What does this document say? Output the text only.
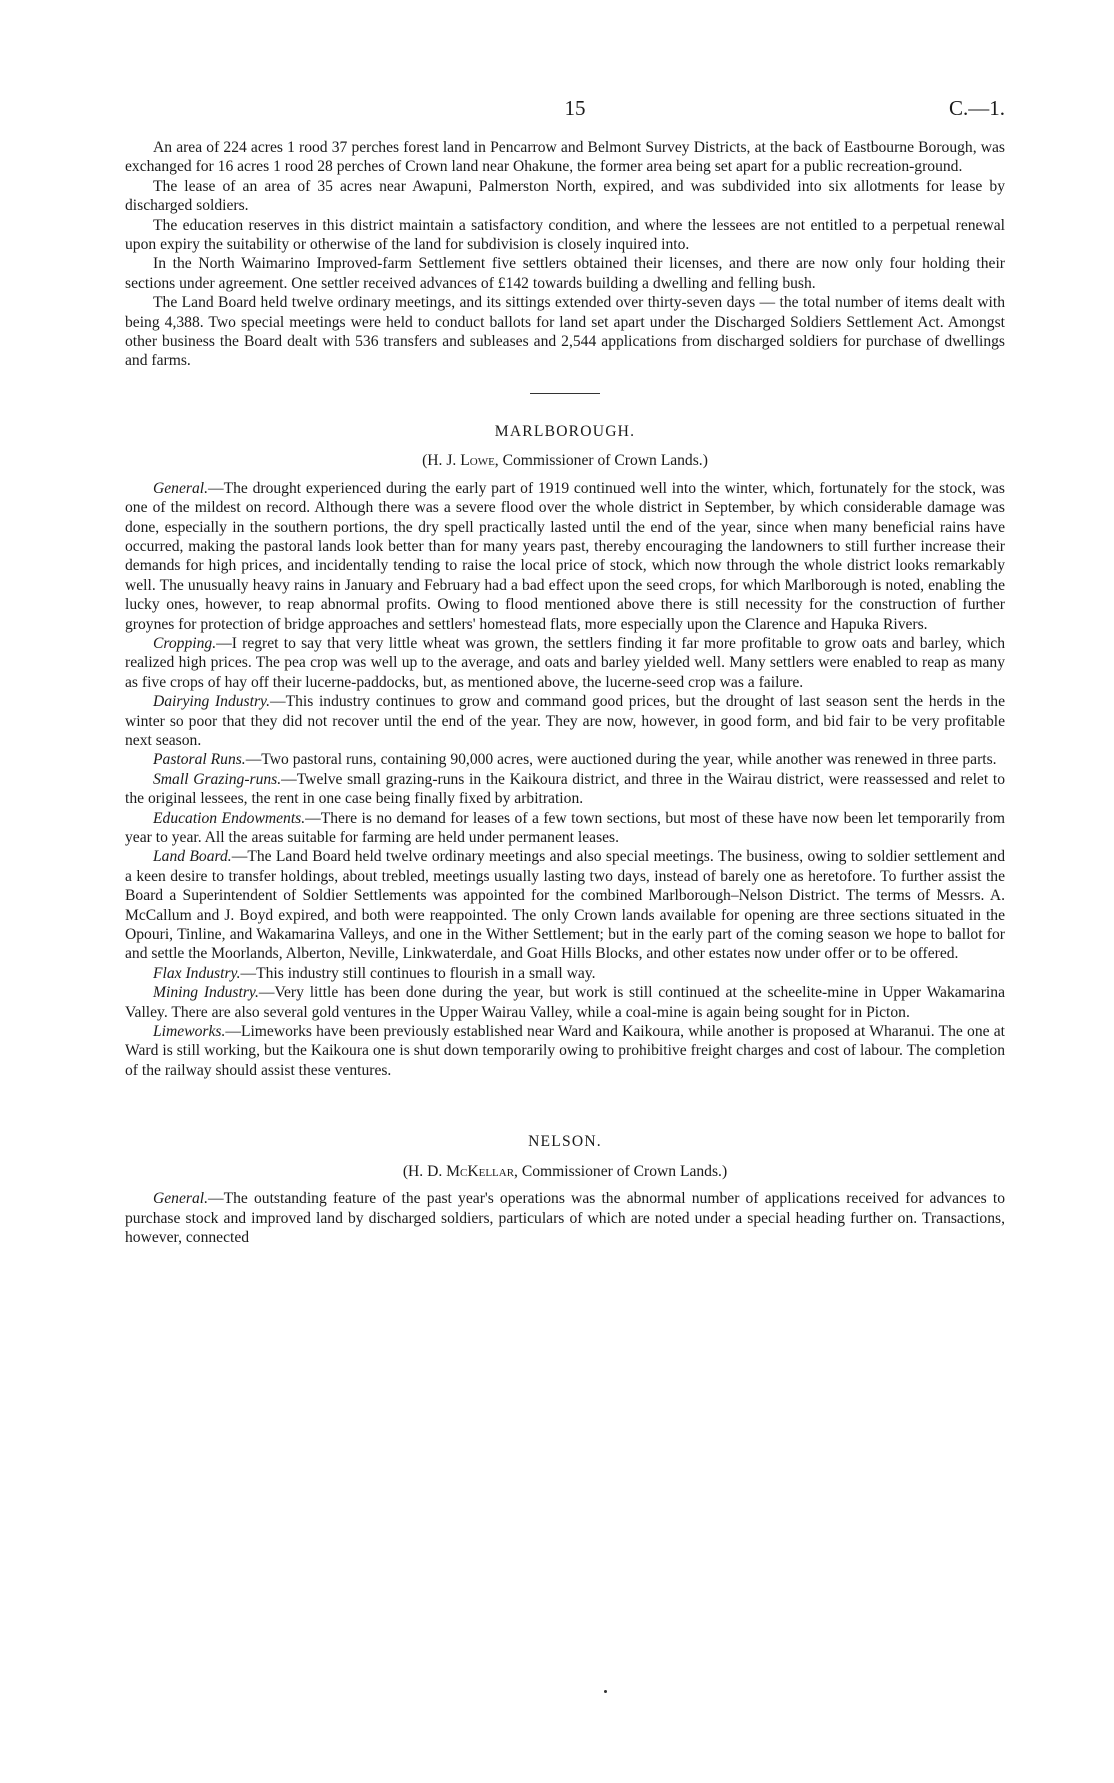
15	C.—1.

An area of 224 acres 1 rood 37 perches forest land in Pencarrow and Belmont Survey Districts, at the back of Eastbourne Borough, was exchanged for 16 acres 1 rood 28 perches of Crown land near Ohakune, the former area being set apart for a public recreation-ground.

The lease of an area of 35 acres near Awapuni, Palmerston North, expired, and was subdivided into six allotments for lease by discharged soldiers.

The education reserves in this district maintain a satisfactory condition, and where the lessees are not entitled to a perpetual renewal upon expiry the suitability or otherwise of the land for subdivision is closely inquired into.

In the North Waimarino Improved-farm Settlement five settlers obtained their licenses, and there are now only four holding their sections under agreement. One settler received advances of £142 towards building a dwelling and felling bush.

The Land Board held twelve ordinary meetings, and its sittings extended over thirty-seven days — the total number of items dealt with being 4,388. Two special meetings were held to conduct ballots for land set apart under the Discharged Soldiers Settlement Act. Amongst other business the Board dealt with 536 transfers and subleases and 2,544 applications from discharged soldiers for purchase of dwellings and farms.

MARLBOROUGH.
(H. J. Lowe, Commissioner of Crown Lands.)

General.—The drought experienced during the early part of 1919 continued well into the winter, which, fortunately for the stock, was one of the mildest on record. Although there was a severe flood over the whole district in September, by which considerable damage was done, especially in the southern portions, the dry spell practically lasted until the end of the year, since when many beneficial rains have occurred, making the pastoral lands look better than for many years past, thereby encouraging the landowners to still further increase their demands for high prices, and incidentally tending to raise the local price of stock, which now through the whole district looks remarkably well. The unusually heavy rains in January and February had a bad effect upon the seed crops, for which Marlborough is noted, enabling the lucky ones, however, to reap abnormal profits. Owing to flood mentioned above there is still necessity for the construction of further groynes for protection of bridge approaches and settlers' homestead flats, more especially upon the Clarence and Hapuka Rivers.

Cropping.—I regret to say that very little wheat was grown, the settlers finding it far more profitable to grow oats and barley, which realized high prices. The pea crop was well up to the average, and oats and barley yielded well. Many settlers were enabled to reap as many as five crops of hay off their lucerne-paddocks, but, as mentioned above, the lucerne-seed crop was a failure.

Dairying Industry.—This industry continues to grow and command good prices, but the drought of last season sent the herds in the winter so poor that they did not recover until the end of the year. They are now, however, in good form, and bid fair to be very profitable next season.

Pastoral Runs.—Two pastoral runs, containing 90,000 acres, were auctioned during the year, while another was renewed in three parts.

Small Grazing-runs.—Twelve small grazing-runs in the Kaikoura district, and three in the Wairau district, were reassessed and relet to the original lessees, the rent in one case being finally fixed by arbitration.

Education Endowments.—There is no demand for leases of a few town sections, but most of these have now been let temporarily from year to year. All the areas suitable for farming are held under permanent leases.

Land Board.—The Land Board held twelve ordinary meetings and also special meetings. The business, owing to soldier settlement and a keen desire to transfer holdings, about trebled, meetings usually lasting two days, instead of barely one as heretofore. To further assist the Board a Superintendent of Soldier Settlements was appointed for the combined Marlborough–Nelson District. The terms of Messrs. A. McCallum and J. Boyd expired, and both were reappointed. The only Crown lands available for opening are three sections situated in the Opouri, Tinline, and Wakamarina Valleys, and one in the Wither Settlement; but in the early part of the coming season we hope to ballot for and settle the Moorlands, Alberton, Neville, Linkwaterdale, and Goat Hills Blocks, and other estates now under offer or to be offered.

Flax Industry.—This industry still continues to flourish in a small way.

Mining Industry.—Very little has been done during the year, but work is still continued at the scheelite-mine in Upper Wakamarina Valley. There are also several gold ventures in the Upper Wairau Valley, while a coal-mine is again being sought for in Picton.

Limeworks.—Limeworks have been previously established near Ward and Kaikoura, while another is proposed at Wharanui. The one at Ward is still working, but the Kaikoura one is shut down temporarily owing to prohibitive freight charges and cost of labour. The completion of the railway should assist these ventures.

NELSON.
(H. D. McKellar, Commissioner of Crown Lands.)

General.—The outstanding feature of the past year's operations was the abnormal number of applications received for advances to purchase stock and improved land by discharged soldiers, particulars of which are noted under a special heading further on. Transactions, however, connected
